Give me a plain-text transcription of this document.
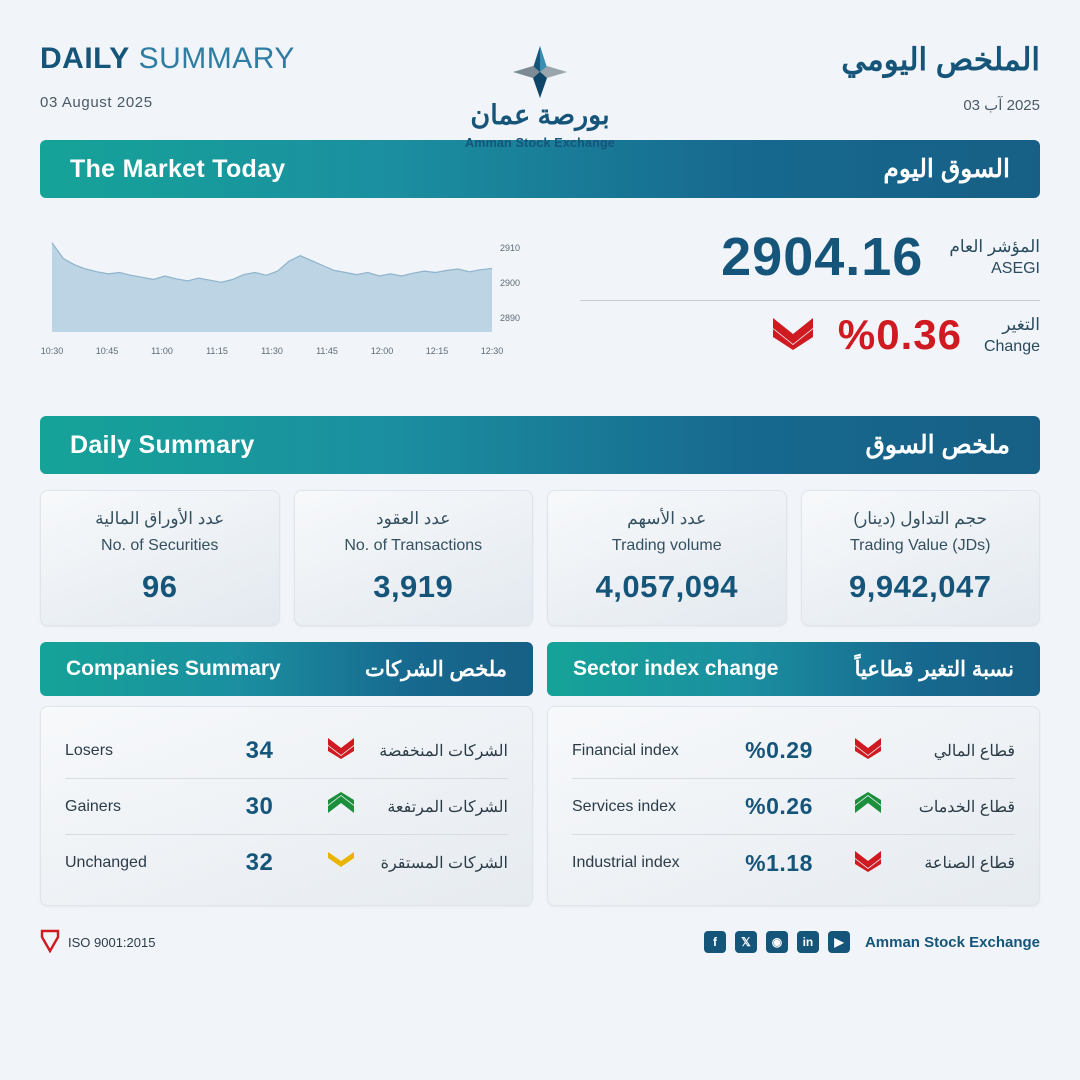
DAILY SUMMARY
03 August 2025	بورصة عمان
Amman Stock Exchange
الملخص اليومي
2025 آب 03
The Market Today	السوق اليوم
2890
2900
2910
10:30	10:45	11:00	11:15	11:30	11:45	12:00	12:15	12:30
2904.16 المؤشر العام
ASEGI
%0.36	التغير
Change
Daily Summary	ملخص السوق
عدد الأوراق المالية
No. of Securities
96
عدد العقود
No. of Transactions
3,919
عدد الأسهم
Trading volume
4,057,094
حجم التداول (دينار)
Trading Value (JDs)
9,942,047
Companies Summary	ملخص الشركات
Losers	34	الشركات المنخفضة
Gainers	30	الشركات المرتفعة
Unchanged	32	الشركات المستقرة
Sector index change	نسبة التغير قطاعياً
Financial index	%0.29	قطاع المالي
Services index	%0.26	قطاع الخدمات
Industrial index	%1.18	قطاع الصناعة
ISO 9001:2015	f	𝕏	◉	in	▶	Amman Stock Exchange
